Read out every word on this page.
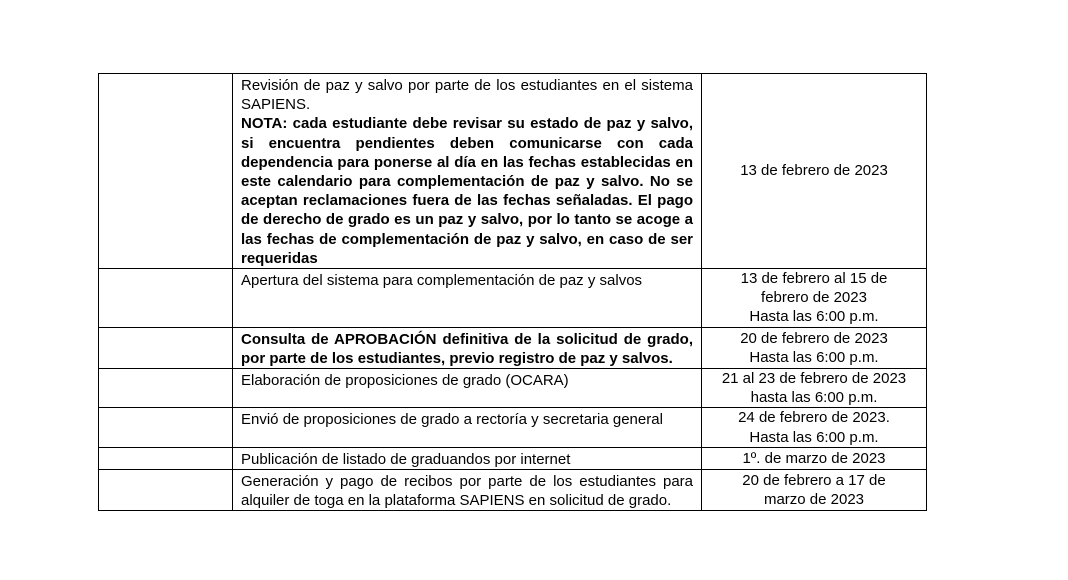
	Revisión de paz y salvo por parte de los estudiantes en el sistema SAPIENS.
NOTA: cada estudiante debe revisar su estado de paz y salvo, si encuentra pendientes deben comunicarse con cada dependencia para ponerse al día en las fechas establecidas en este calendario para complementación de paz y salvo. No se aceptan reclamaciones fuera de las fechas señaladas. El pago de derecho de grado es un paz y salvo, por lo tanto se acoge a las fechas de complementación de paz y salvo, en caso de ser requeridas	13 de febrero de 2023

	Apertura del sistema para complementación de paz y salvos	13 de febrero al 15 de
febrero de 2023
Hasta las 6:00 p.m.

	Consulta de APROBACIÓN definitiva de la solicitud de grado, por parte de los estudiantes, previo registro de paz y salvos.	20 de febrero de 2023
Hasta las 6:00 p.m.

	Elaboración de proposiciones de grado (OCARA)	21 al 23 de febrero de 2023
hasta las 6:00 p.m.

	Envió de proposiciones de grado a rectoría y secretaria general	24 de febrero de 2023.
Hasta las 6:00 p.m.

	Publicación de listado de graduandos por internet	1º. de marzo de 2023

	Generación y pago de recibos por parte de los estudiantes para alquiler de toga en la plataforma SAPIENS en solicitud de grado.	20 de febrero a 17 de
marzo de 2023
